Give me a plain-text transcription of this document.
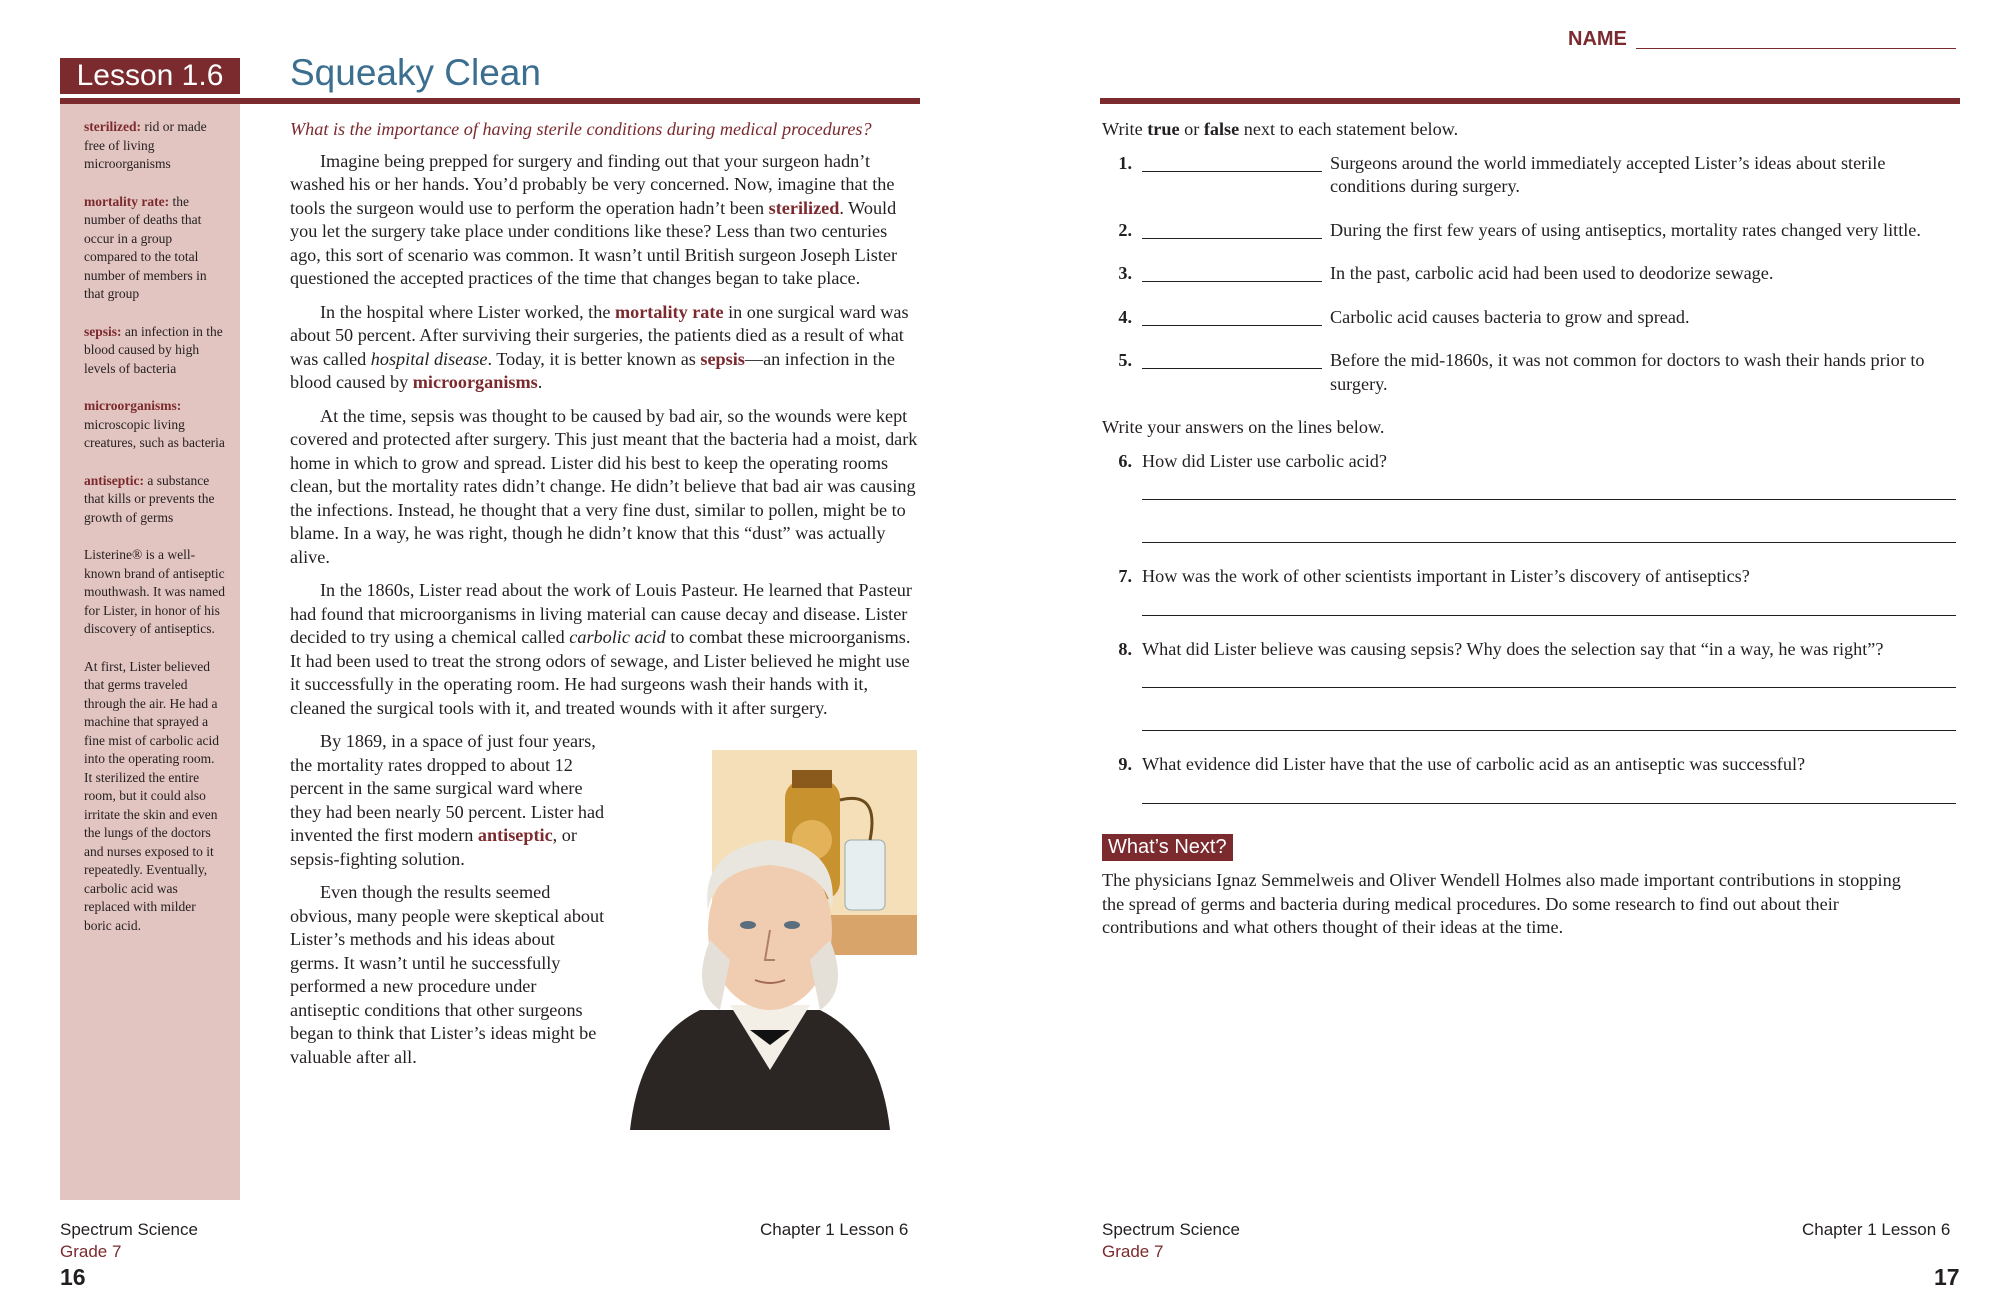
Lesson 1.6	Squeaky Clean

sterilized: rid or made free of living microorganisms

mortality rate: the number of deaths that occur in a group compared to the total number of members in that group

sepsis: an infection in the blood caused by high levels of bacteria

microorganisms: microscopic living creatures, such as bacteria

antiseptic: a substance that kills or prevents the growth of germs

Listerine® is a well-known brand of antiseptic mouthwash. It was named for Lister, in honor of his discovery of antiseptics.

At first, Lister believed that germs traveled through the air. He had a machine that sprayed a fine mist of carbolic acid into the operating room. It sterilized the entire room, but it could also irritate the skin and even the lungs of the doctors and nurses exposed to it repeatedly. Eventually, carbolic acid was replaced with milder boric acid.

What is the importance of having sterile conditions during medical procedures?

Imagine being prepped for surgery and finding out that your surgeon hadn’t washed his or her hands. You’d probably be very concerned. Now, imagine that the tools the surgeon would use to perform the operation hadn’t been sterilized. Would you let the surgery take place under conditions like these? Less than two centuries ago, this sort of scenario was common. It wasn’t until British surgeon Joseph Lister questioned the accepted practices of the time that changes began to take place.

In the hospital where Lister worked, the mortality rate in one surgical ward was about 50 percent. After surviving their surgeries, the patients died as a result of what was called hospital disease. Today, it is better known as sepsis—an infection in the blood caused by microorganisms.

At the time, sepsis was thought to be caused by bad air, so the wounds were kept covered and protected after surgery. This just meant that the bacteria had a moist, dark home in which to grow and spread. Lister did his best to keep the operating rooms clean, but the mortality rates didn’t change. He didn’t believe that bad air was causing the infections. Instead, he thought that a very fine dust, similar to pollen, might be to blame. In a way, he was right, though he didn’t know that this “dust” was actually alive.

In the 1860s, Lister read about the work of Louis Pasteur. He learned that Pasteur had found that microorganisms in living material can cause decay and disease. Lister decided to try using a chemical called carbolic acid to combat these microorganisms. It had been used to treat the strong odors of sewage, and Lister believed he might use it successfully in the operating room. He had surgeons wash their hands with it, cleaned the surgical tools with it, and treated wounds with it after surgery.

By 1869, in a space of just four years, the mortality rates dropped to about 12 percent in the same surgical ward where they had been nearly 50 percent. Lister had invented the first modern antiseptic, or sepsis-fighting solution.

Even though the results seemed obvious, many people were skeptical about Lister’s methods and his ideas about germs. It wasn’t until he successfully performed a new procedure under antiseptic conditions that other surgeons began to think that Lister’s ideas might be valuable after all.

Spectrum Science
Grade 7
Chapter 1 Lesson 6
16
NAME

Write true or false next to each statement below.

1.	Surgeons around the world immediately accepted Lister’s ideas about sterile conditions during surgery.
2.	During the first few years of using antiseptics, mortality rates changed very little.
3.	In the past, carbolic acid had been used to deodorize sewage.
4.	Carbolic acid causes bacteria to grow and spread.
5.	Before the mid-1860s, it was not common for doctors to wash their hands prior to surgery.

Write your answers on the lines below.

6. How did Lister use carbolic acid?
7. How was the work of other scientists important in Lister’s discovery of antiseptics?
8. What did Lister believe was causing sepsis? Why does the selection say that “in a way, he was right”?
9. What evidence did Lister have that the use of carbolic acid as an antiseptic was successful?
What’s Next?

The physicians Ignaz Semmelweis and Oliver Wendell Holmes also made important contributions in stopping the spread of germs and bacteria during medical procedures. Do some research to find out about their contributions and what others thought of their ideas at the time.

Spectrum Science
Grade 7
Chapter 1 Lesson 6
17
